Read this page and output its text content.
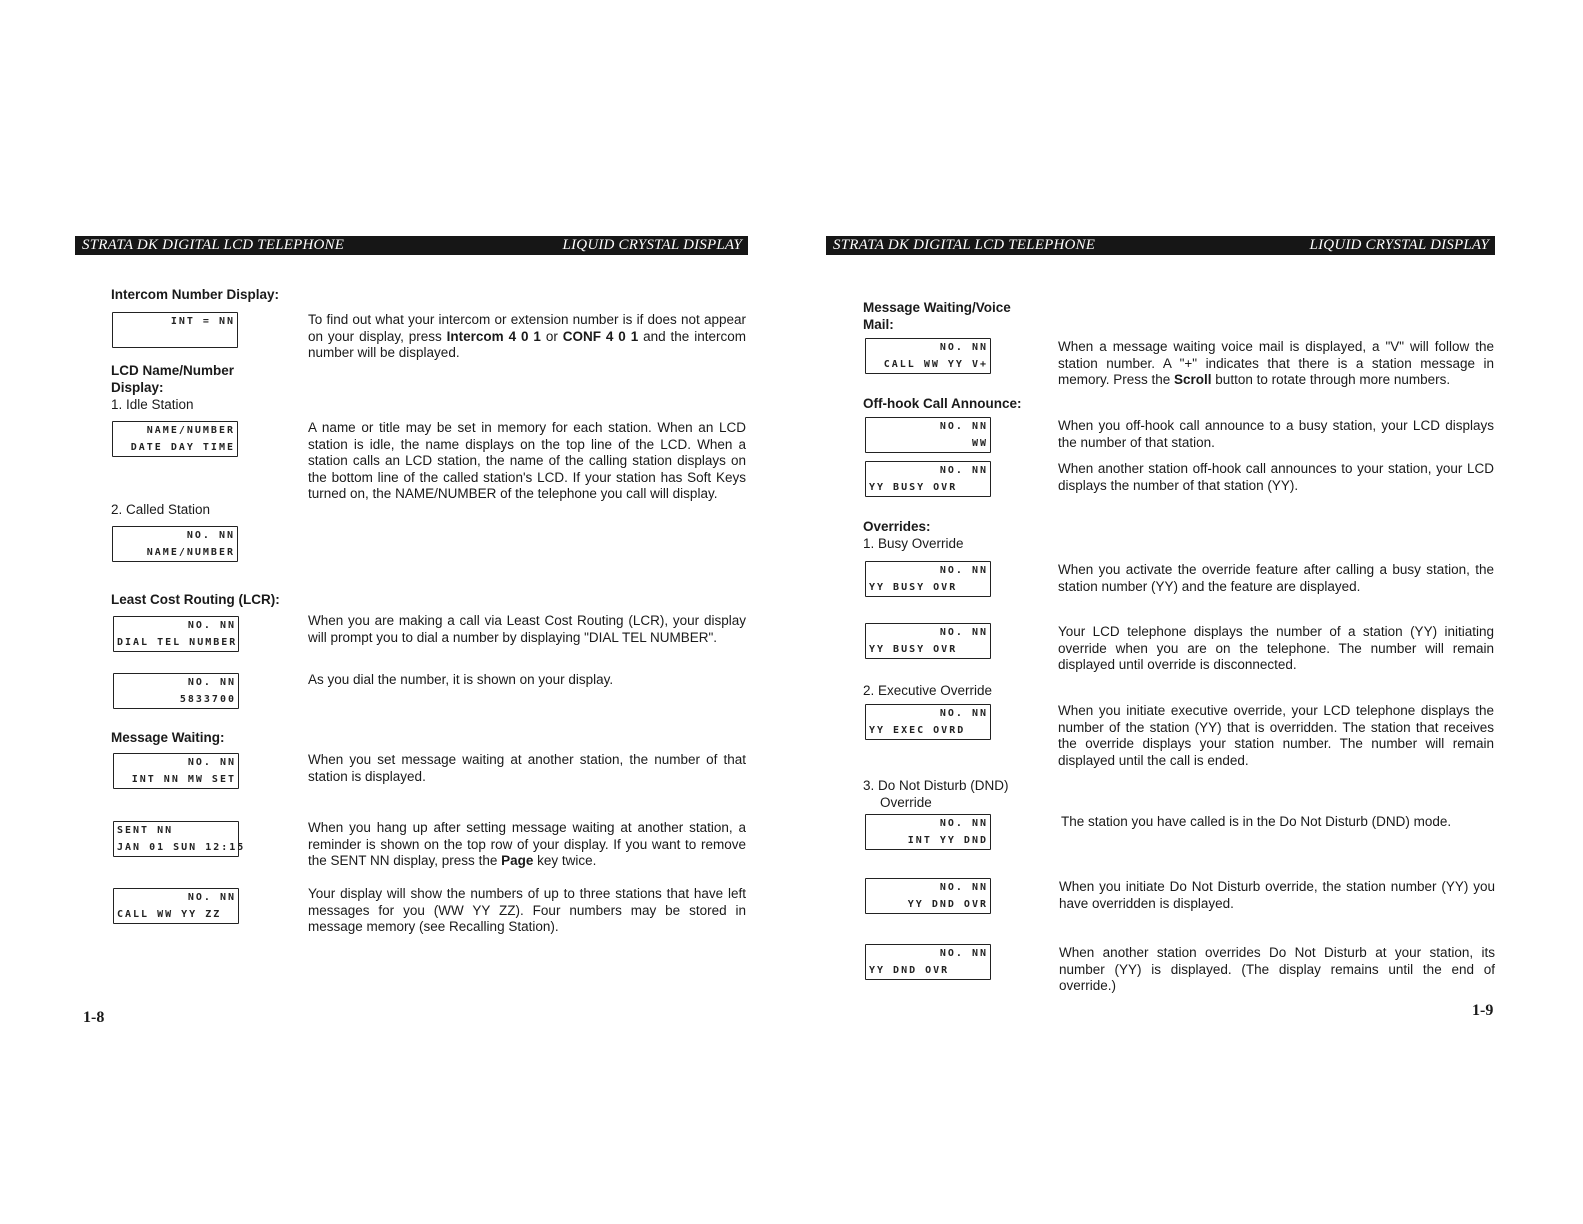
STRATA DK DIGITAL LCD TELEPHONE	LIQUID CRYSTAL DISPLAY
Intercom Number Display:
INT = NN	To find out what your intercom or extension number is if does not appear on your display, press Intercom 4 0 1 or CONF 4 0 1 and the intercom number will be displayed.
LCD Name/Number Display:
1. Idle Station
NAME/NUMBER
DATE DAY TIME
A name or title may be set in memory for each station. When an LCD station is idle, the name displays on the top line of the LCD. When a station calls an LCD station, the name of the calling station displays on the bottom line of the called station's LCD. If your station has Soft Keys turned on, the NAME/NUMBER of the telephone you call will display.
2. Called Station
NO. NN
NAME/NUMBER
Least Cost Routing (LCR):
NO. NN
DIAL TEL NUMBER
When you are making a call via Least Cost Routing (LCR), your display will prompt you to dial a number by displaying "DIAL TEL NUMBER".
NO. NN
5833700
As you dial the number, it is shown on your display.
Message Waiting:
NO. NN
INT NN MW SET
When you set message waiting at another station, the number of that station is displayed.
SENT NN
JAN 01 SUN 12:15
When you hang up after setting message waiting at another station, a reminder is shown on the top row of your display. If you want to remove the SENT NN display, press the Page key twice.
NO. NN
CALL WW YY ZZ
Your display will show the numbers of up to three stations that have left messages for you (WW YY ZZ). Four numbers may be stored in message memory (see Recalling Station).
1-8
STRATA DK DIGITAL LCD TELEPHONE	LIQUID CRYSTAL DISPLAY
Message Waiting/Voice Mail:
NO. NN
CALL WW YY V+
When a message waiting voice mail is displayed, a "V" will follow the station number. A "+" indicates that there is a station message in memory. Press the Scroll button to rotate through more numbers.
Off-hook Call Announce:
NO. NN
WW
When you off-hook call announce to a busy station, your LCD displays the number of that station.
NO. NN
YY BUSY OVR
When another station off-hook call announces to your station, your LCD displays the number of that station (YY).
Overrides:
1. Busy Override
NO. NN
YY BUSY OVR
When you activate the override feature after calling a busy station, the station number (YY) and the feature are displayed.
NO. NN
YY BUSY OVR
Your LCD telephone displays the number of a station (YY) initiating override when you are on the telephone. The number will remain displayed until override is disconnected.
2. Executive Override
NO. NN
YY EXEC OVRD
When you initiate executive override, your LCD telephone displays the number of the station (YY) that is overridden. The station that receives the override displays your station number. The number will remain displayed until the call is ended.
3. Do Not Disturb (DND)
Override
NO. NN
INT YY DND
The station you have called is in the Do Not Disturb (DND) mode.
NO. NN
YY DND OVR
When you initiate Do Not Disturb override, the station number (YY) you have overridden is displayed.
NO. NN
YY DND OVR
When another station overrides Do Not Disturb at your station, its number (YY) is displayed. (The display remains until the end of override.)
1-9
